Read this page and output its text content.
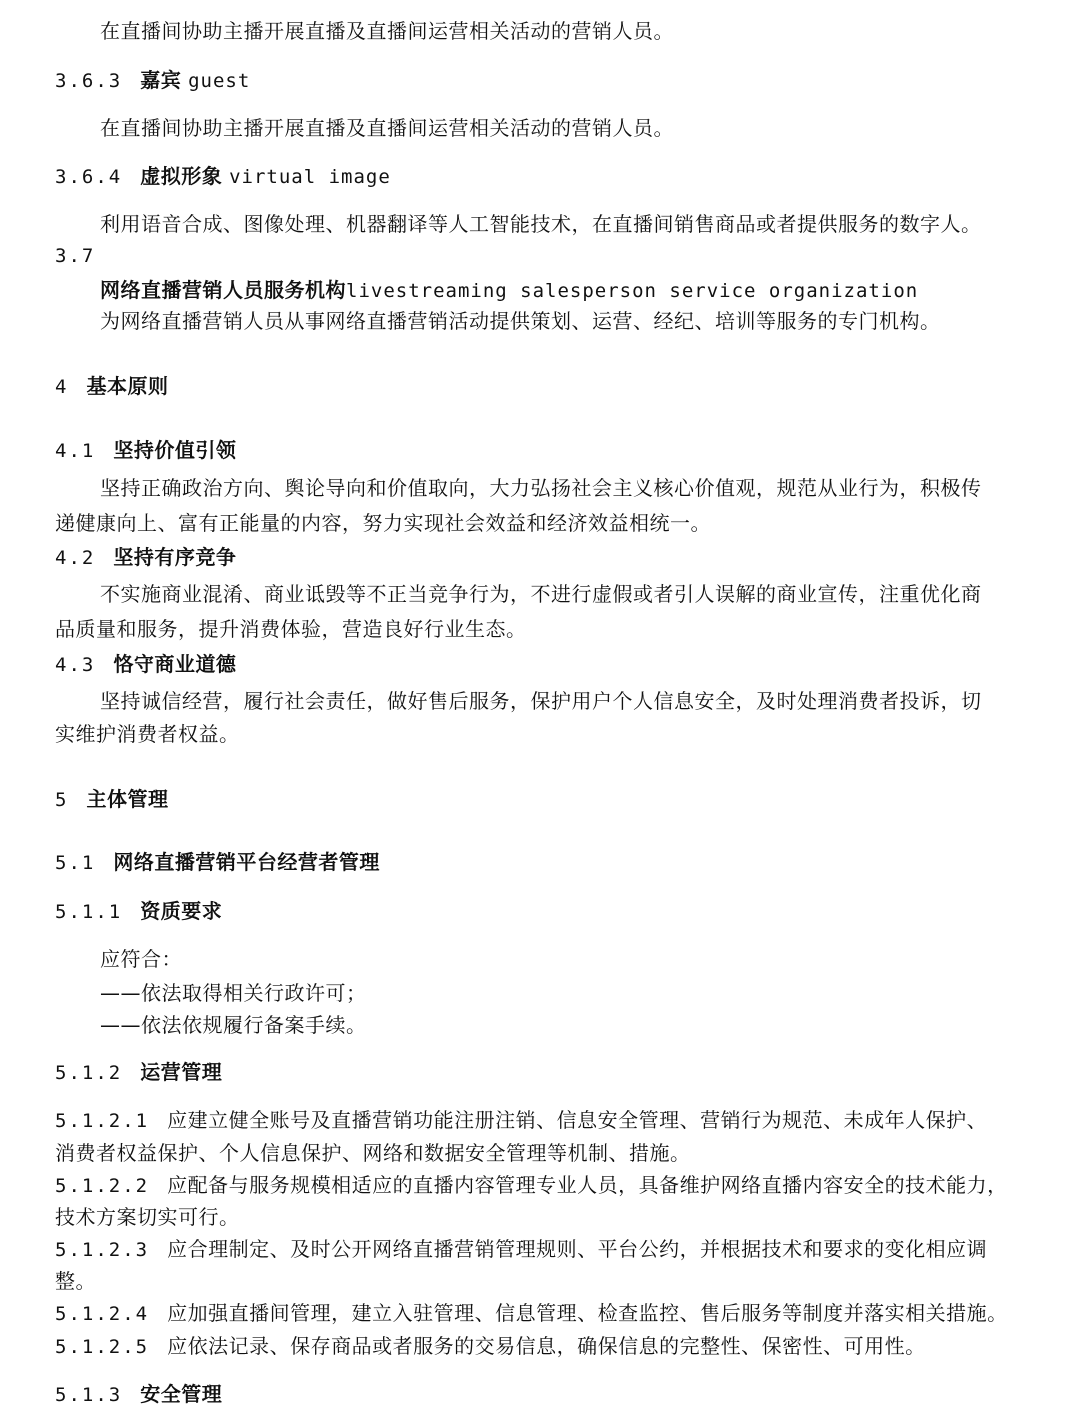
在直播间协助主播开展直播及直播间运营相关活动的营销人员。
3.6.3 嘉宾 guest
在直播间协助主播开展直播及直播间运营相关活动的营销人员。
3.6.4 虚拟形象 virtual image
利用语音合成、图像处理、机器翻译等人工智能技术，在直播间销售商品或者提供服务的数字人。
3.7
网络直播营销人员服务机构livestreaming salesperson service organization
为网络直播营销人员从事网络直播营销活动提供策划、运营、经纪、培训等服务的专门机构。
4 基本原则
4.1 坚持价值引领
坚持正确政治方向、舆论导向和价值取向，大力弘扬社会主义核心价值观，规范从业行为，积极传
递健康向上、富有正能量的内容，努力实现社会效益和经济效益相统一。
4.2 坚持有序竞争
不实施商业混淆、商业诋毁等不正当竞争行为，不进行虚假或者引人误解的商业宣传，注重优化商
品质量和服务，提升消费体验，营造良好行业生态。
4.3 恪守商业道德
坚持诚信经营，履行社会责任，做好售后服务，保护用户个人信息安全，及时处理消费者投诉，切
实维护消费者权益。
5 主体管理
5.1 网络直播营销平台经营者管理
5.1.1 资质要求
应符合：
——依法取得相关行政许可；
——依法依规履行备案手续。
5.1.2 运营管理
5.1.2.1 应建立健全账号及直播营销功能注册注销、信息安全管理、营销行为规范、未成年人保护、
消费者权益保护、个人信息保护、网络和数据安全管理等机制、措施。
5.1.2.2 应配备与服务规模相适应的直播内容管理专业人员，具备维护网络直播内容安全的技术能力，
技术方案切实可行。
5.1.2.3 应合理制定、及时公开网络直播营销管理规则、平台公约，并根据技术和要求的变化相应调
整。
5.1.2.4 应加强直播间管理，建立入驻管理、信息管理、检查监控、售后服务等制度并落实相关措施。
5.1.2.5 应依法记录、保存商品或者服务的交易信息，确保信息的完整性、保密性、可用性。
5.1.3 安全管理
